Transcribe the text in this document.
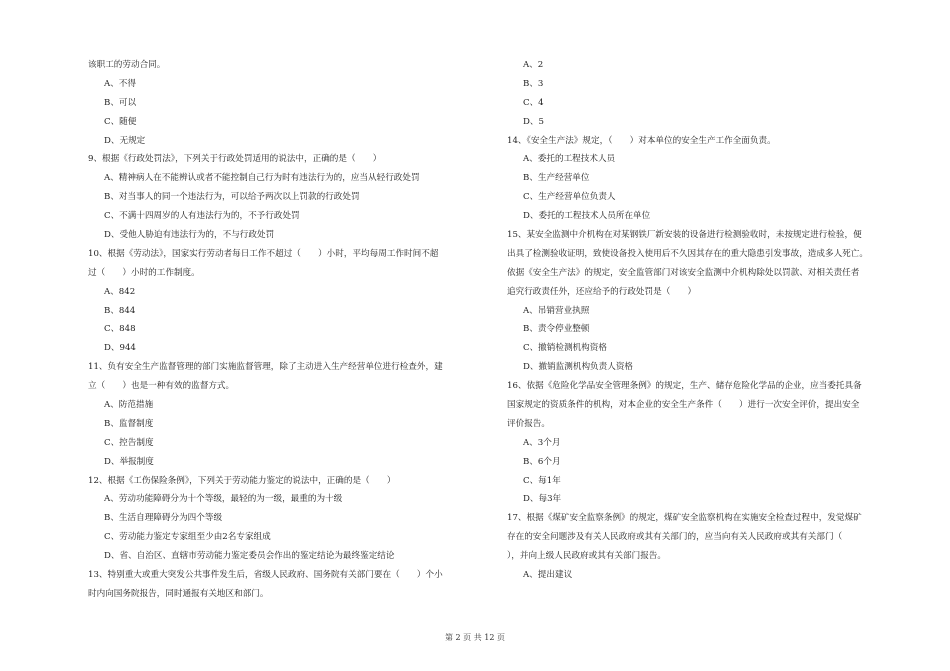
该职工的劳动合同。
A、不得
B、可以
C、随便
D、无规定
9、根据《行政处罚法》，下列关于行政处罚适用的说法中，正确的是（　　）
A、精神病人在不能辨认或者不能控制自己行为时有违法行为的，应当从轻行政处罚
B、对当事人的同一个违法行为，可以给予两次以上罚款的行政处罚
C、不满十四周岁的人有违法行为的，不予行政处罚
D、受他人胁迫有违法行为的，不与行政处罚
10、根据《劳动法》，国家实行劳动者每日工作不超过（　　）小时，平均每周工作时间不超
过（　　）小时的工作制度。
A、842
B、844
C、848
D、944
11、负有安全生产监督管理的部门实施监督管理，除了主动进入生产经营单位进行检查外，建
立（　　）也是一种有效的监督方式。
A、防范措施
B、监督制度
C、控告制度
D、举报制度
12、根据《工伤保险条例》，下列关于劳动能力鉴定的说法中，正确的是（　　）
A、劳动功能障碍分为十个等级，最轻的为一级，最重的为十级
B、生活自理障碍分为四个等级
C、劳动能力鉴定专家组至少由2名专家组成
D、省、自治区、直辖市劳动能力鉴定委员会作出的鉴定结论为最终鉴定结论
13、特别重大或重大突发公共事件发生后，省级人民政府、国务院有关部门要在（　　）个小
时内向国务院报告，同时通报有关地区和部门。
A、2
B、3
C、4
D、5
14、《安全生产法》规定，（　　）对本单位的安全生产工作全面负责。
A、委托的工程技术人员
B、生产经营单位
C、生产经营单位负责人
D、委托的工程技术人员所在单位
15、某安全监测中介机构在对某钢铁厂新安装的设备进行检测验收时，未按规定进行检验，便
出具了检测验收证明，致使设备投入使用后不久因其存在的重大隐患引发事故，造成多人死亡。
依据《安全生产法》的规定，安全监管部门对该安全监测中介机构除处以罚款、对相关责任者
追究行政责任外，还应给予的行政处罚是（　　）
A、吊销营业执照
B、责令停业整顿
C、撤销检测机构资格
D、撤销监测机构负责人资格
16、依据《危险化学品安全管理条例》的规定，生产、储存危险化学品的企业，应当委托具备
国家规定的资质条件的机构，对本企业的安全生产条件（　　）进行一次安全评价，提出安全
评价报告。
A、3个月
B、6个月
C、每1年
D、每3年
17、根据《煤矿安全监察条例》的规定，煤矿安全监察机构在实施安全检查过程中，发觉煤矿
存在的安全问题涉及有关人民政府或其有关部门的，应当向有关人民政府或其有关部门（
），并向上级人民政府或其有关部门报告。
A、提出建议
第 2 页 共 12 页
